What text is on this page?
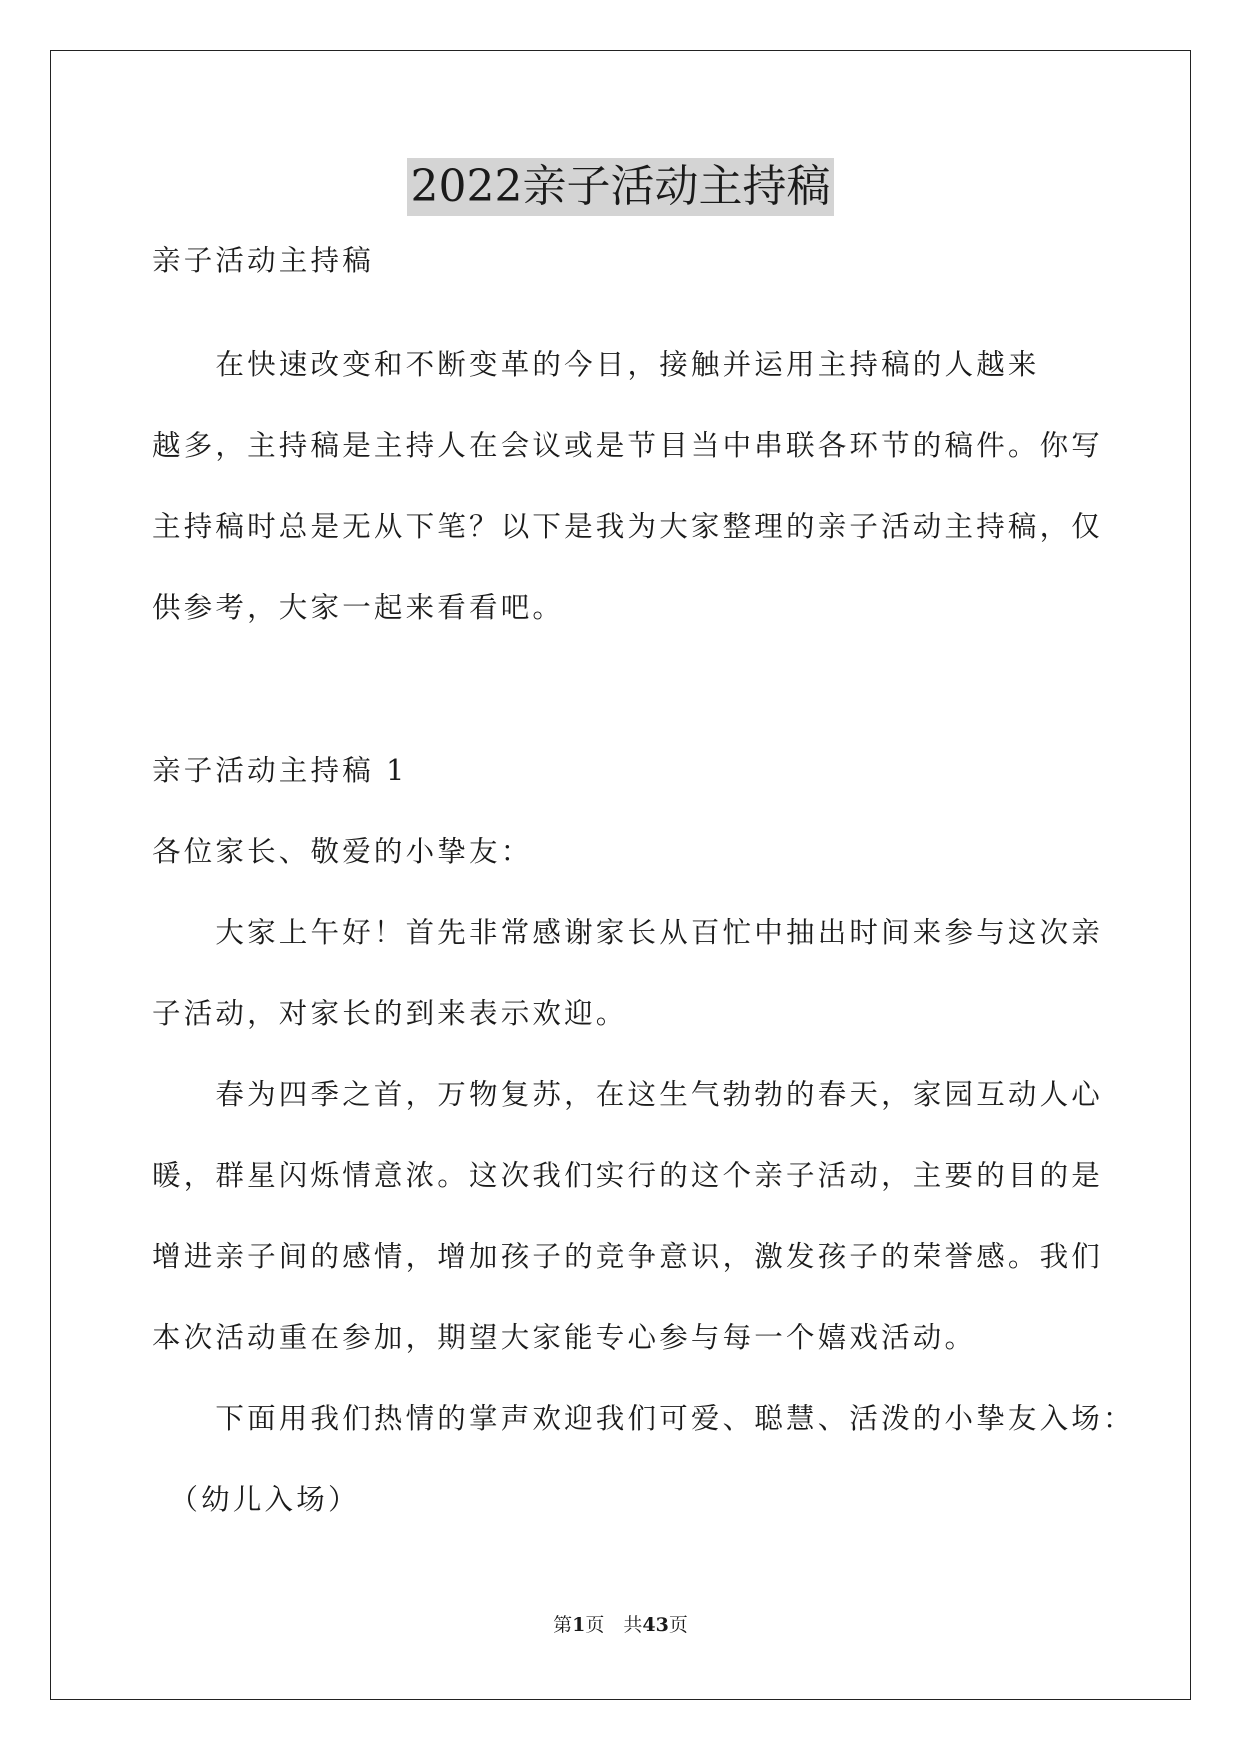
2022亲子活动主持稿
亲子活动主持稿
　　在快速改变和不断变革的今日，接触并运用主持稿的人越来
越多，主持稿是主持人在会议或是节目当中串联各环节的稿件。你写
主持稿时总是无从下笔？以下是我为大家整理的亲子活动主持稿，仅
供参考，大家一起来看看吧。
亲子活动主持稿 1
各位家长、敬爱的小挚友：
　　大家上午好！首先非常感谢家长从百忙中抽出时间来参与这次亲
子活动，对家长的到来表示欢迎。
　　春为四季之首，万物复苏，在这生气勃勃的春天，家园互动人心
暖，群星闪烁情意浓。这次我们实行的这个亲子活动，主要的目的是
增进亲子间的感情，增加孩子的竞争意识，激发孩子的荣誉感。我们
本次活动重在参加，期望大家能专心参与每一个嬉戏活动。
　　下面用我们热情的掌声欢迎我们可爱、聪慧、活泼的小挚友入场：
　（幼儿入场）
第1页　共43页
